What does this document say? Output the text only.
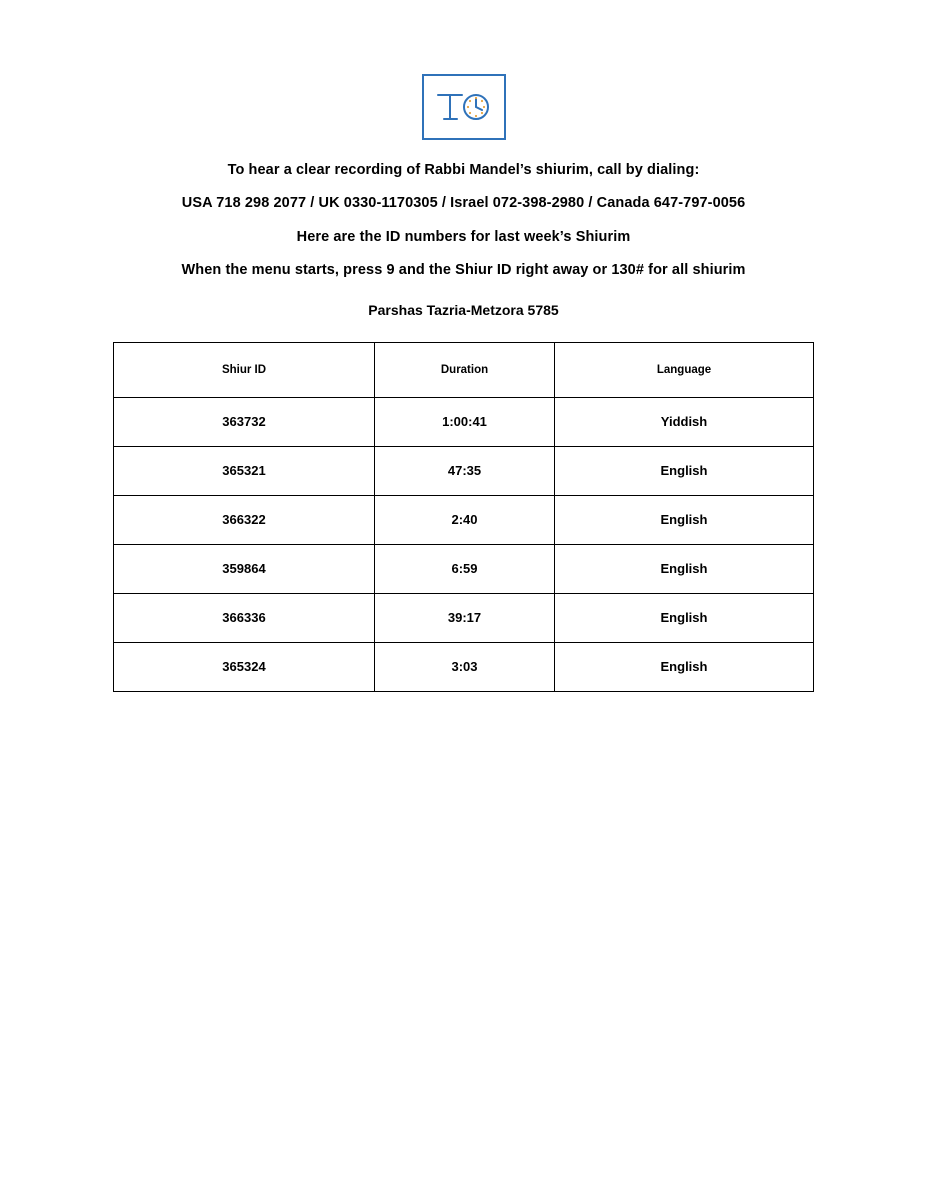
To hear a clear recording of Rabbi Mandel’s shiurim, call by dialing:

USA 718 298 2077 / UK 0330-1170305 / Israel 072-398-2980 / Canada 647-797-0056

Here are the ID numbers for last week’s Shiurim

When the menu starts, press 9 and the Shiur ID right away or 130# for all shiurim

Parshas Tazria-Metzora 5785

Shiur ID	Duration	Language
363732	1:00:41	Yiddish
365321	47:35	English
366322	2:40	English
359864	6:59	English
366336	39:17	English
365324	3:03	English
